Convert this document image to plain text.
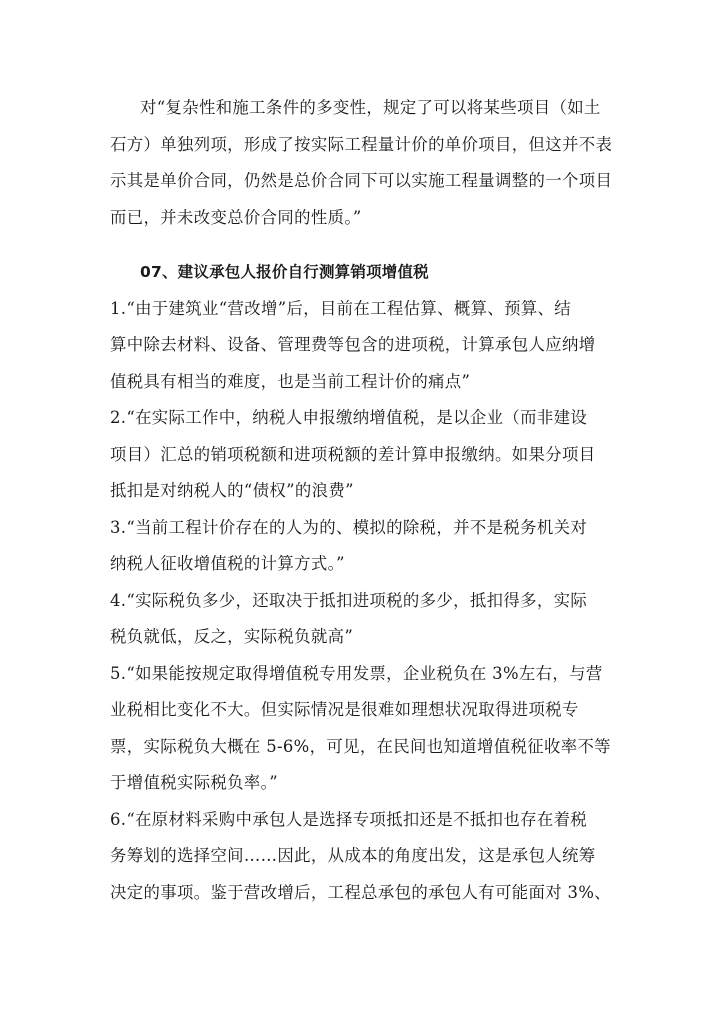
对“复杂性和施工条件的多变性，规定了可以将某些项目（如土
石方）单独列项，形成了按实际工程量计价的单价项目，但这并不表
示其是单价合同，仍然是总价合同下可以实施工程量调整的一个项目
而已，并未改变总价合同的性质。”
07、建议承包人报价自行测算销项增值税
1.“由于建筑业“营改增”后，目前在工程估算、概算、预算、结
算中除去材料、设备、管理费等包含的进项税，计算承包人应纳增
值税具有相当的难度，也是当前工程计价的痛点”
2.“在实际工作中，纳税人申报缴纳增值税，是以企业（而非建设
项目）汇总的销项税额和进项税额的差计算申报缴纳。如果分项目
抵扣是对纳税人的“债权”的浪费”
3.“当前工程计价存在的人为的、模拟的除税，并不是税务机关对
纳税人征收增值税的计算方式。”
4.“实际税负多少，还取决于抵扣进项税的多少，抵扣得多，实际
税负就低，反之，实际税负就高”
5.“如果能按规定取得增值税专用发票，企业税负在 3%左右，与营
业税相比变化不大。但实际情况是很难如理想状况取得进项税专
票，实际税负大概在 5-6%，可见，在民间也知道增值税征收率不等
于增值税实际税负率。”
6.“在原材料采购中承包人是选择专项抵扣还是不抵扣也存在着税
务筹划的选择空间……因此，从成本的角度出发，这是承包人统筹
决定的事项。鉴于营改增后，工程总承包的承包人有可能面对 3%、
